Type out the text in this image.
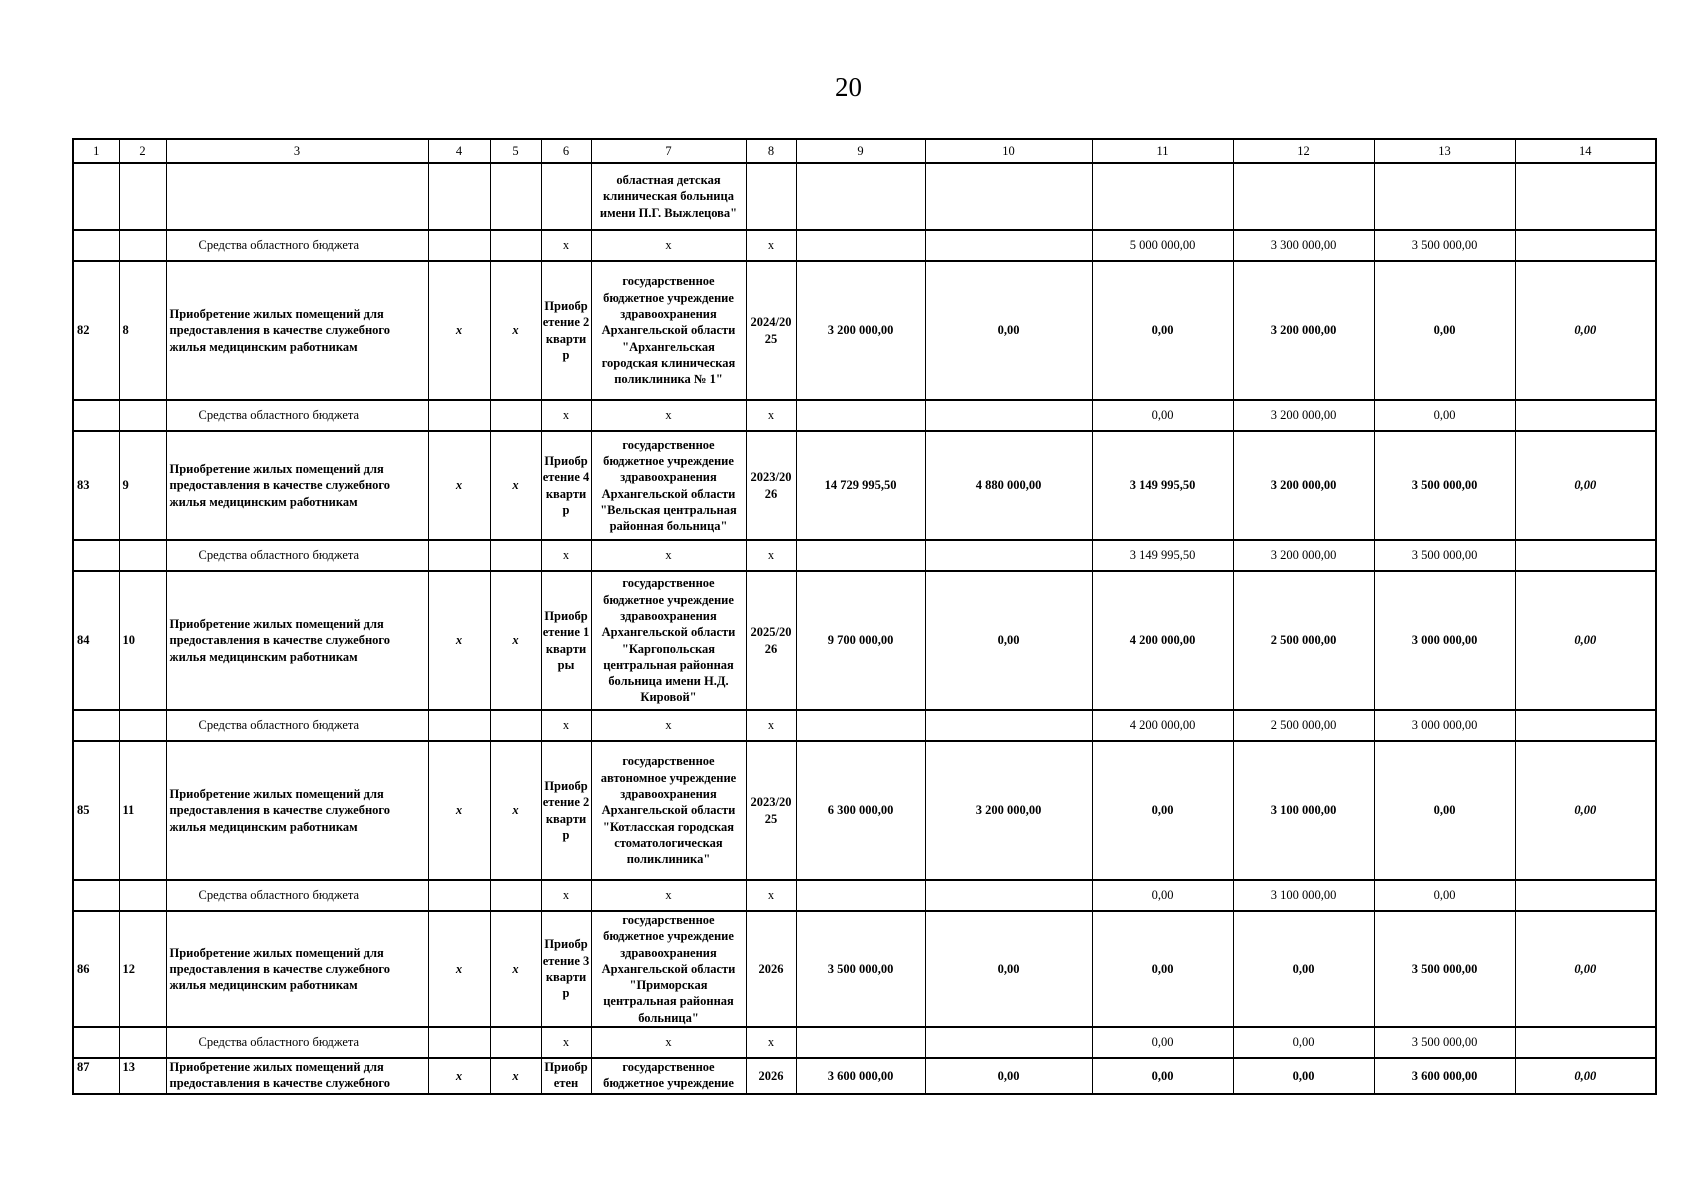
20
1	2	3	4	5	6	7	8	9	10	11	12	13	14
						областная детская клиническая больница имени П.Г. Выжлецова"							
		Средства областного бюджета			x	x	x			5 000 000,00	3 300 000,00	3 500 000,00	
82	8	Приобретение жилых помещений для предоставления в качестве служебного жилья медицинским работникам	x	x	Приобретение 2 квартир	государственное бюджетное учреждение здравоохранения Архангельской области "Архангельская городская клиническая поликлиника № 1"	2024/2025	3 200 000,00	0,00	0,00	3 200 000,00	0,00	0,00
		Средства областного бюджета			x	x	x			0,00	3 200 000,00	0,00	
83	9	Приобретение жилых помещений для предоставления в качестве служебного жилья медицинским работникам	x	x	Приобретение 4 квартир	государственное бюджетное учреждение здравоохранения Архангельской области "Вельская центральная районная больница"	2023/2026	14 729 995,50	4 880 000,00	3 149 995,50	3 200 000,00	3 500 000,00	0,00
		Средства областного бюджета			x	x	x			3 149 995,50	3 200 000,00	3 500 000,00	
84	10	Приобретение жилых помещений для предоставления в качестве служебного жилья медицинским работникам	x	x	Приобретение 1 квартиры	государственное бюджетное учреждение здравоохранения Архангельской области "Каргопольская центральная районная больница имени Н.Д. Кировой"	2025/2026	9 700 000,00	0,00	4 200 000,00	2 500 000,00	3 000 000,00	0,00
		Средства областного бюджета			x	x	x			4 200 000,00	2 500 000,00	3 000 000,00	
85	11	Приобретение жилых помещений для предоставления в качестве служебного жилья медицинским работникам	x	x	Приобретение 2 квартир	государственное автономное учреждение здравоохранения Архангельской области "Котласская городская стоматологическая поликлиника"	2023/2025	6 300 000,00	3 200 000,00	0,00	3 100 000,00	0,00	0,00
		Средства областного бюджета			x	x	x			0,00	3 100 000,00	0,00	
86	12	Приобретение жилых помещений для предоставления в качестве служебного жилья медицинским работникам	x	x	Приобретение 3 квартир	государственное бюджетное учреждение здравоохранения Архангельской области "Приморская центральная районная больница"	2026	3 500 000,00	0,00	0,00	0,00	3 500 000,00	0,00
		Средства областного бюджета			x	x	x			0,00	0,00	3 500 000,00	
87	13	Приобретение жилых помещений для предоставления в качестве служебного	x	x	Приобретен	государственное бюджетное учреждение	2026	3 600 000,00	0,00	0,00	0,00	3 600 000,00	0,00
